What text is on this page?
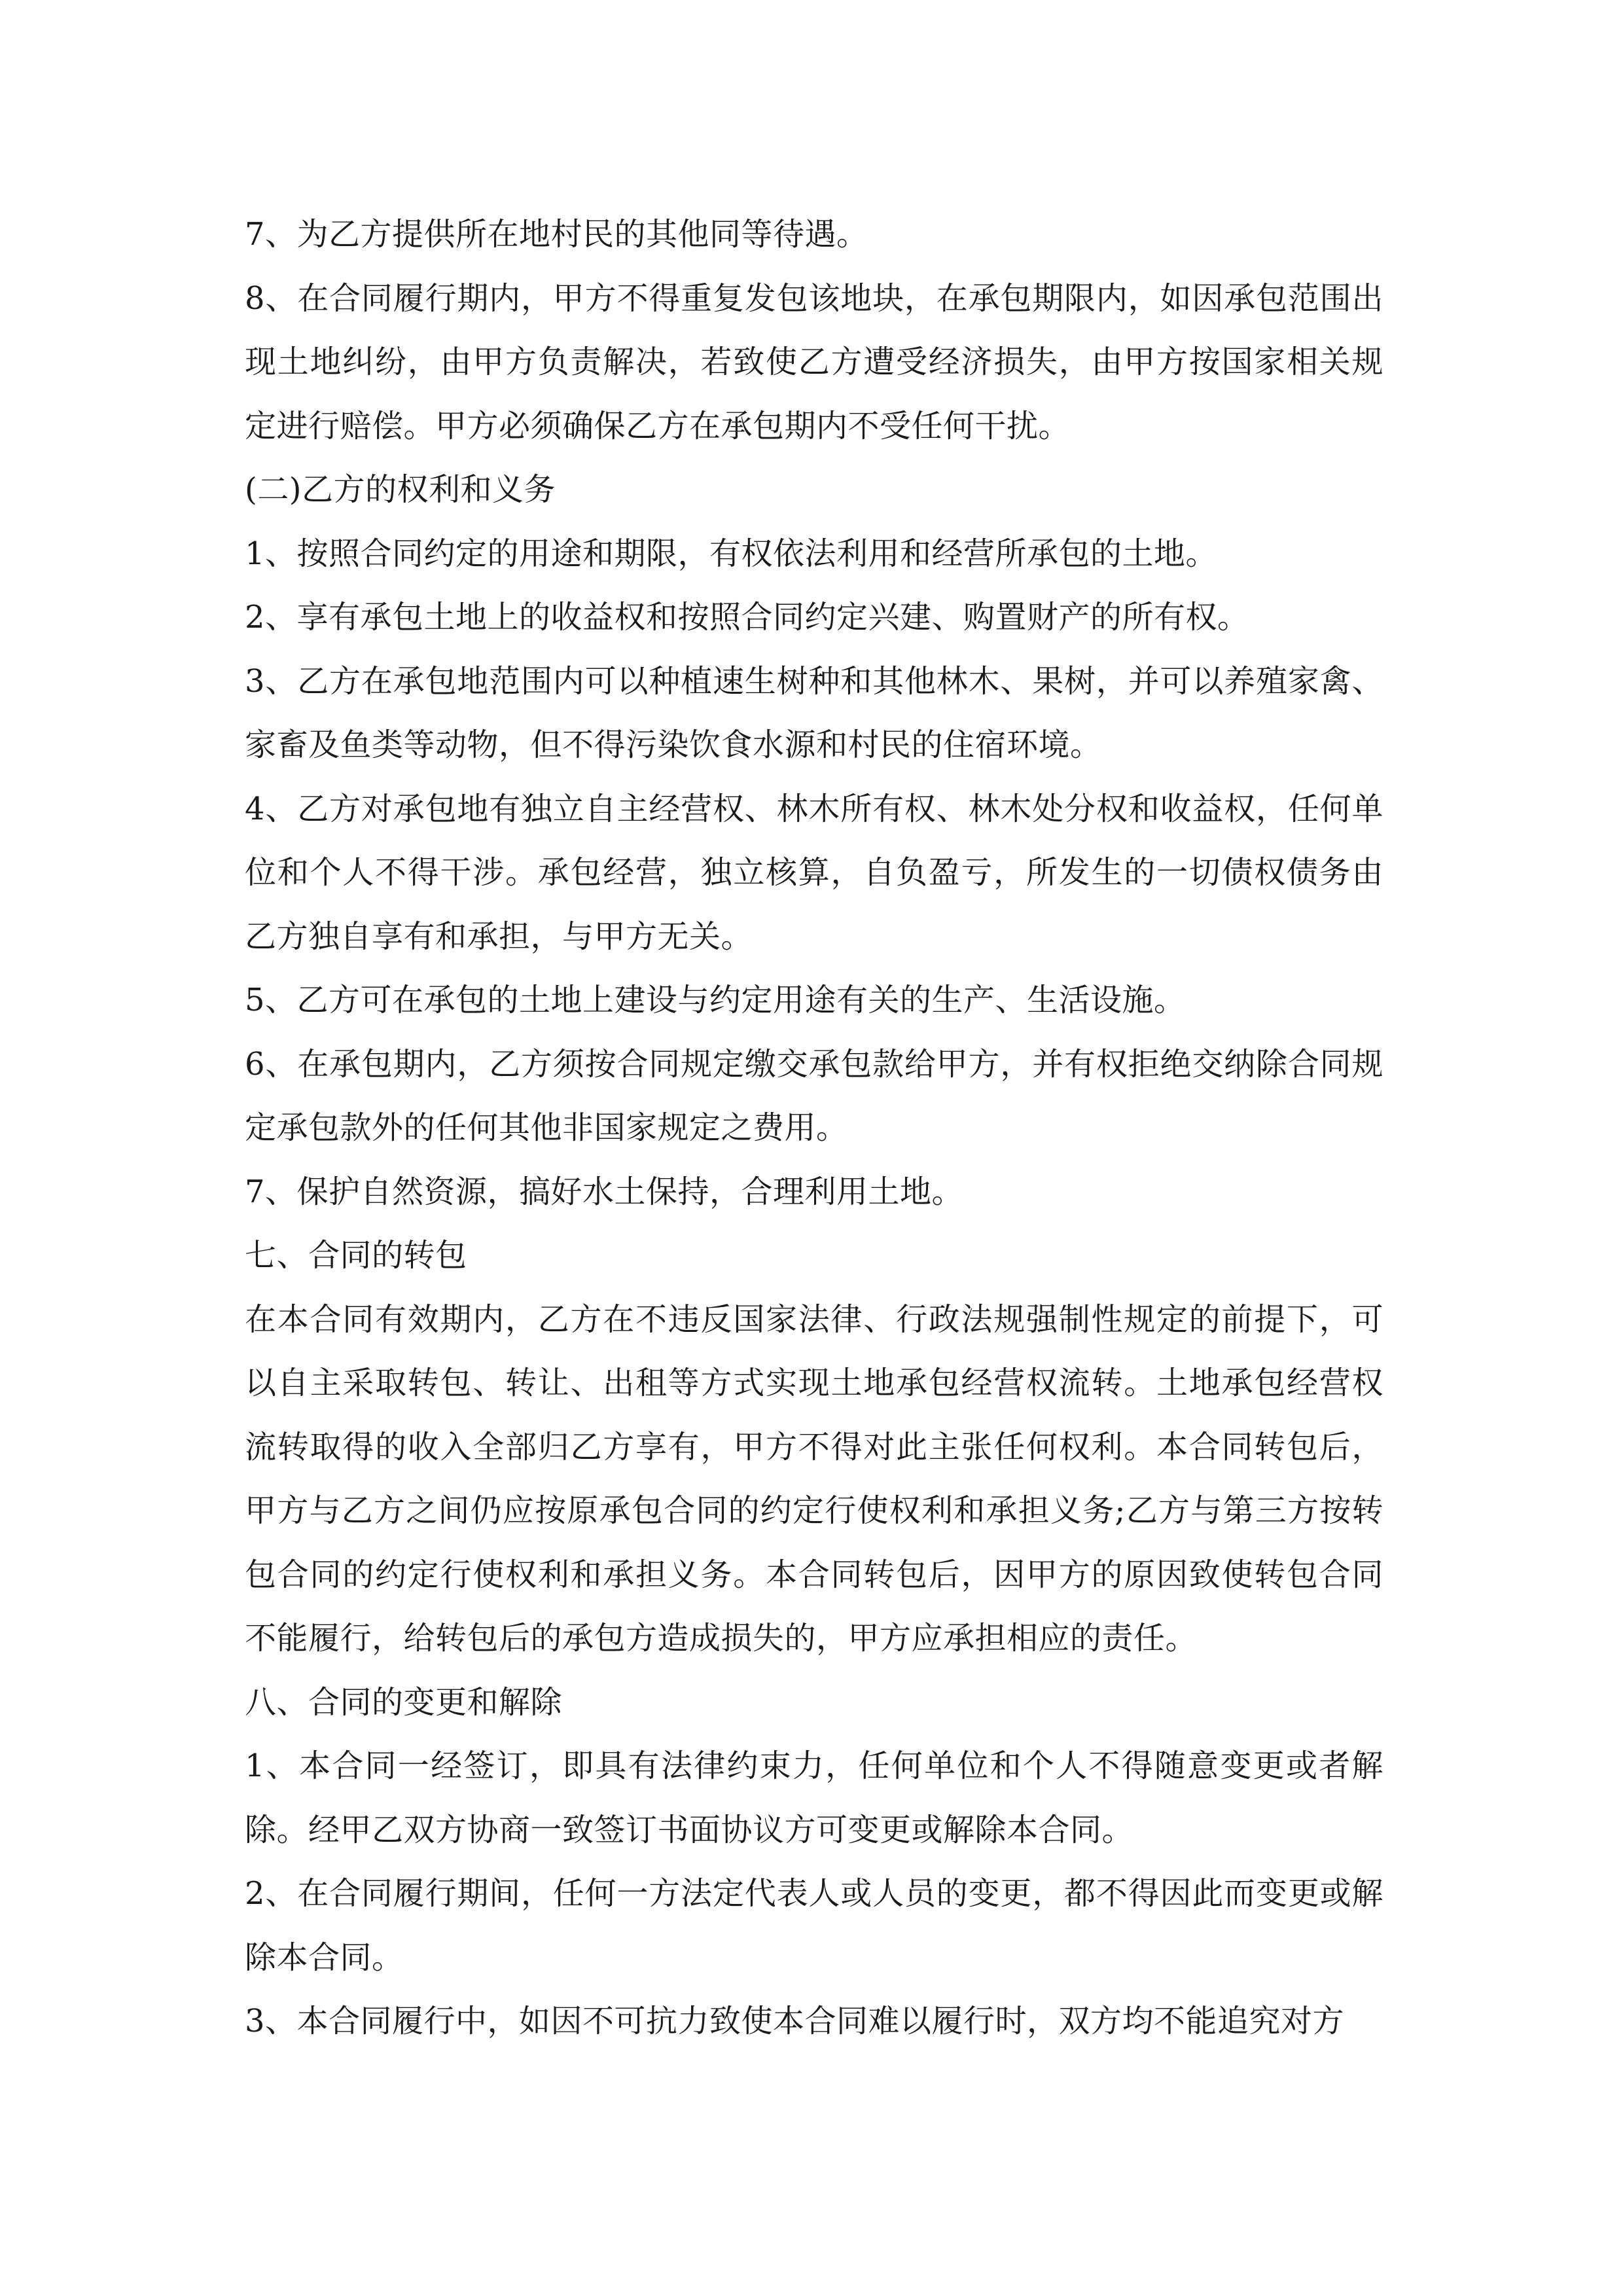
7、为乙方提供所在地村民的其他同等待遇。

8、在合同履行期内，甲方不得重复发包该地块，在承包期限内，如因承包范围出现土地纠纷，由甲方负责解决，若致使乙方遭受经济损失，由甲方按国家相关规定进行赔偿。甲方必须确保乙方在承包期内不受任何干扰。

(二)乙方的权利和义务

1、按照合同约定的用途和期限，有权依法利用和经营所承包的土地。

2、享有承包土地上的收益权和按照合同约定兴建、购置财产的所有权。

3、乙方在承包地范围内可以种植速生树种和其他林木、果树，并可以养殖家禽、家畜及鱼类等动物，但不得污染饮食水源和村民的住宿环境。

4、乙方对承包地有独立自主经营权、林木所有权、林木处分权和收益权，任何单位和个人不得干涉。承包经营，独立核算，自负盈亏，所发生的一切债权债务由乙方独自享有和承担，与甲方无关。

5、乙方可在承包的土地上建设与约定用途有关的生产、生活设施。

6、在承包期内，乙方须按合同规定缴交承包款给甲方，并有权拒绝交纳除合同规定承包款外的任何其他非国家规定之费用。

7、保护自然资源，搞好水土保持，合理利用土地。

七、合同的转包

在本合同有效期内，乙方在不违反国家法律、行政法规强制性规定的前提下，可以自主采取转包、转让、出租等方式实现土地承包经营权流转。土地承包经营权流转取得的收入全部归乙方享有，甲方不得对此主张任何权利。本合同转包后，甲方与乙方之间仍应按原承包合同的约定行使权利和承担义务;乙方与第三方按转包合同的约定行使权利和承担义务。本合同转包后，因甲方的原因致使转包合同不能履行，给转包后的承包方造成损失的，甲方应承担相应的责任。

八、合同的变更和解除

1、本合同一经签订，即具有法律约束力，任何单位和个人不得随意变更或者解除。经甲乙双方协商一致签订书面协议方可变更或解除本合同。

2、在合同履行期间，任何一方法定代表人或人员的变更，都不得因此而变更或解除本合同。

3、本合同履行中，如因不可抗力致使本合同难以履行时，双方均不能追究对方
